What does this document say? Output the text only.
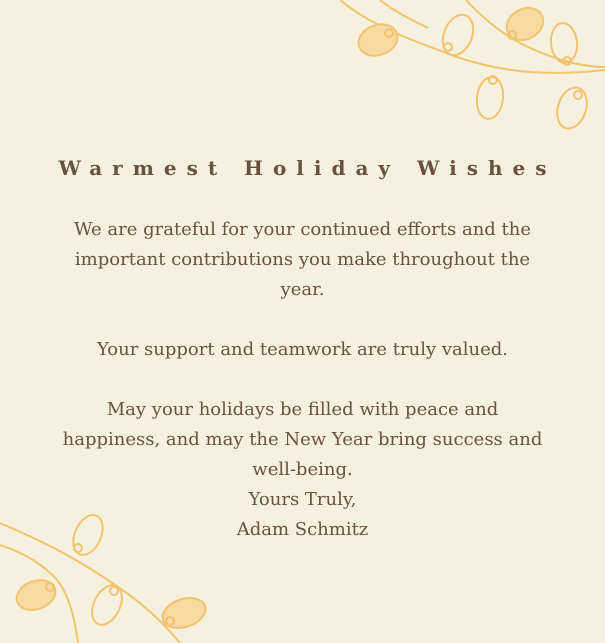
Warmest Holiday Wishes

We are grateful for your continued efforts and the important contributions you make throughout the year.

Your support and teamwork are truly valued.

May your holidays be filled with peace and happiness, and may the New Year bring success and well-being.

Yours Truly,
Adam Schmitz
